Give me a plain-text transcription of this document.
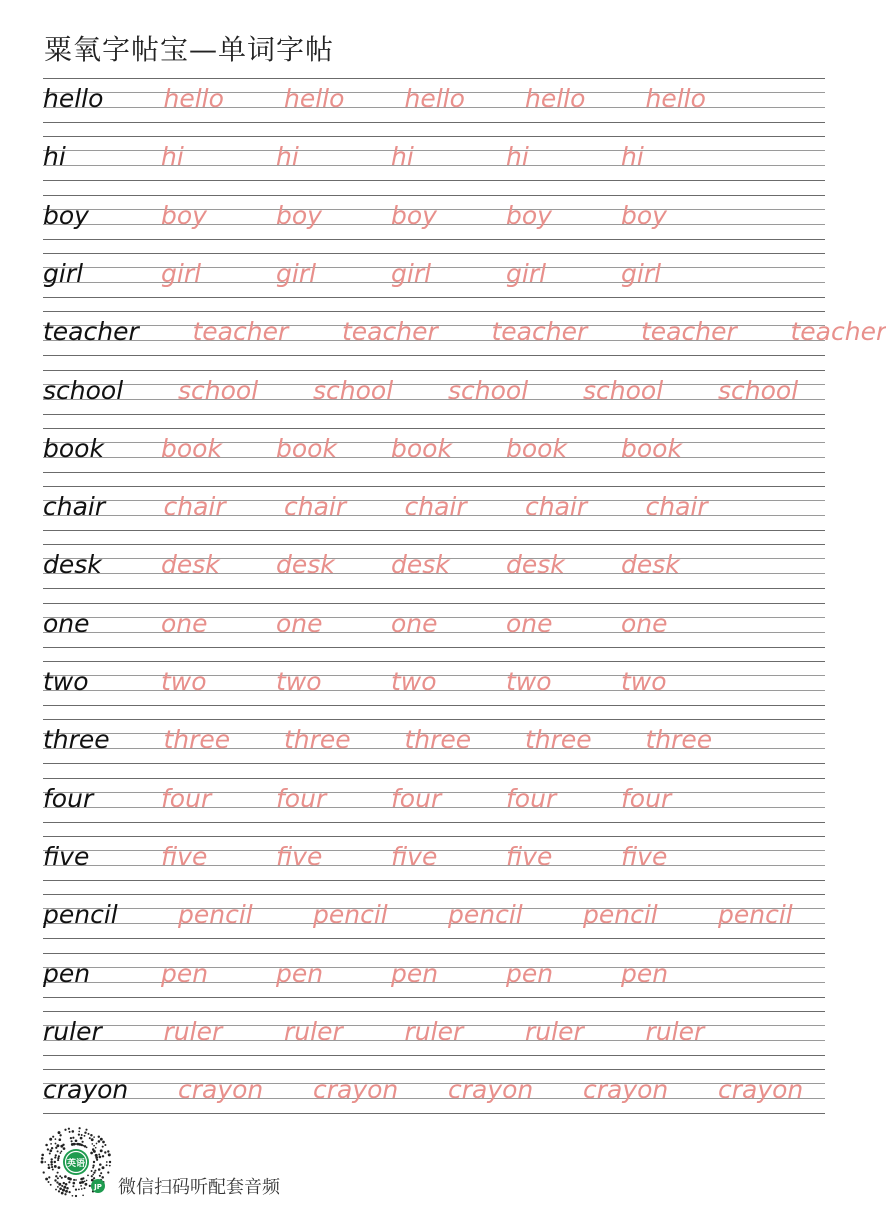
粟氧字帖宝—单词字帖
hello hello hello hello hello hello
hi	hi	hi	hi	hi	hi
boy	boy	boy	boy	boy	boy
girl	girl	girl	girl	girl	girl
teacher teacher teacher teacher teacher teacher
school school school school school school
book book book book book book
chair chair chair chair chair chair
desk desk desk desk desk desk
one	one	one	one	one	one
two	two	two	two	two	two
three three three three three three
four	four	four	four	four	four
five	five	five	five	five	five
pencil pencil pencil pencil pencil pencil
pen	pen	pen	pen	pen	pen
ruler ruler ruler ruler ruler ruler
crayon crayon crayon crayon crayon crayon
英语
JP 微信扫码听配套音频
